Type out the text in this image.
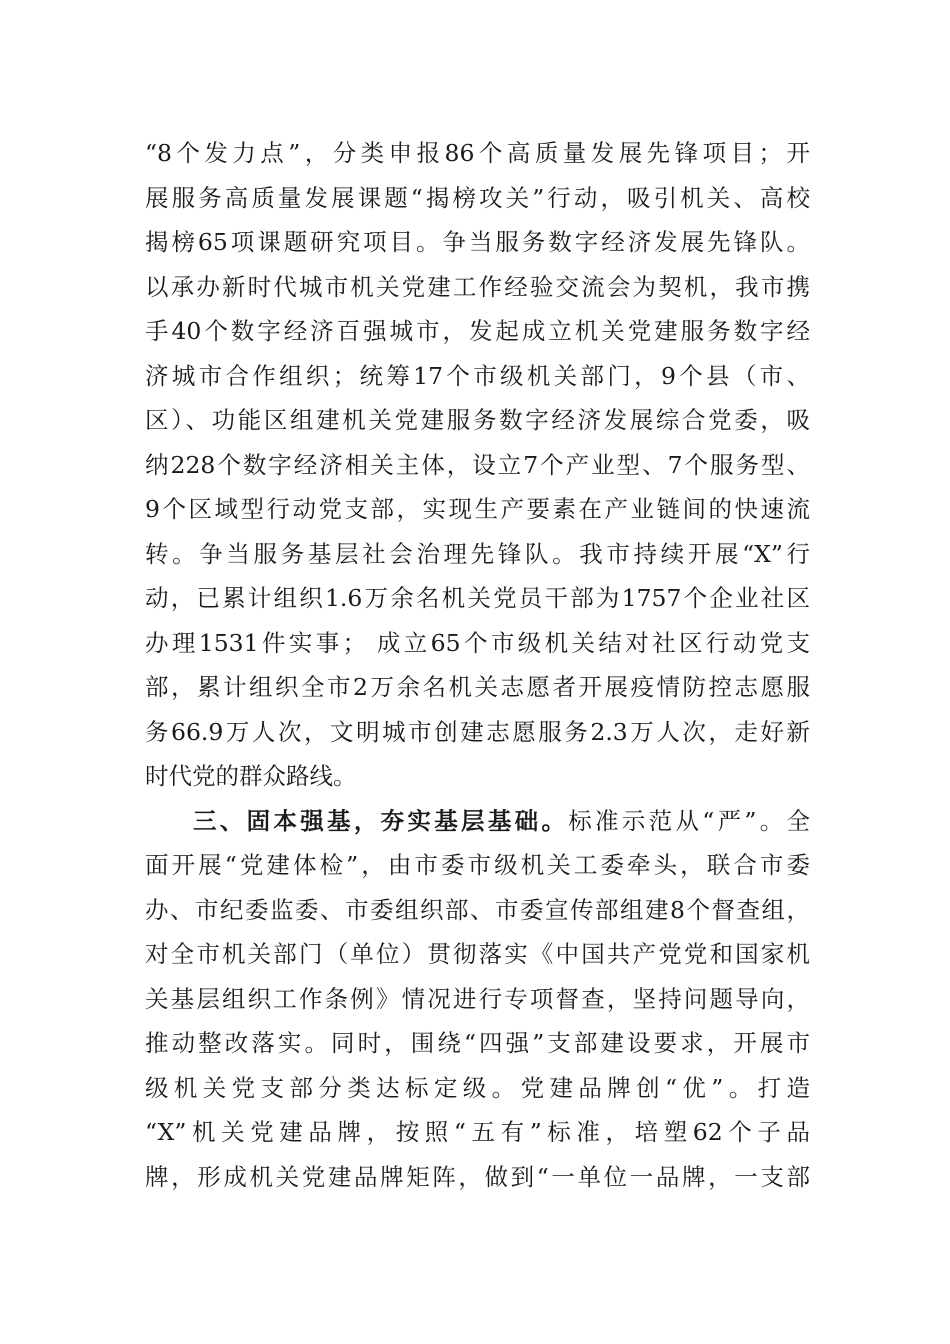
“8个发力点”，分类申报86个高质量发展先锋项目；开
展服务高质量发展课题“揭榜攻关”行动，吸引机关、高校
揭榜65项课题研究项目。争当服务数字经济发展先锋队。
以承办新时代城市机关党建工作经验交流会为契机，我市携
手40个数字经济百强城市，发起成立机关党建服务数字经
济城市合作组织；统筹17个市级机关部门，9个县（市、
区）、功能区组建机关党建服务数字经济发展综合党委，吸
纳228个数字经济相关主体，设立7个产业型、7个服务型、
9个区域型行动党支部，实现生产要素在产业链间的快速流
转。争当服务基层社会治理先锋队。我市持续开展“X”行
动，已累计组织1.6万余名机关党员干部为1757个企业社区
办理1531件实事； 成立65个市级机关结对社区行动党支
部，累计组织全市2万余名机关志愿者开展疫情防控志愿服
务66.9万人次，文明城市创建志愿服务2.3万人次，走好新
时代党的群众路线。
三、固本强基，夯实基层基础。标准示范从“严”。全
面开展“党建体检”，由市委市级机关工委牵头，联合市委
办、市纪委监委、市委组织部、市委宣传部组建8个督查组，
对全市机关部门（单位）贯彻落实《中国共产党党和国家机
关基层组织工作条例》情况进行专项督查，坚持问题导向，
推动整改落实。同时，围绕“四强”支部建设要求，开展市
级机关党支部分类达标定级。党建品牌创“优”。打造
“X”机关党建品牌，按照“五有”标准，培塑62个子品
牌，形成机关党建品牌矩阵，做到“一单位一品牌，一支部
